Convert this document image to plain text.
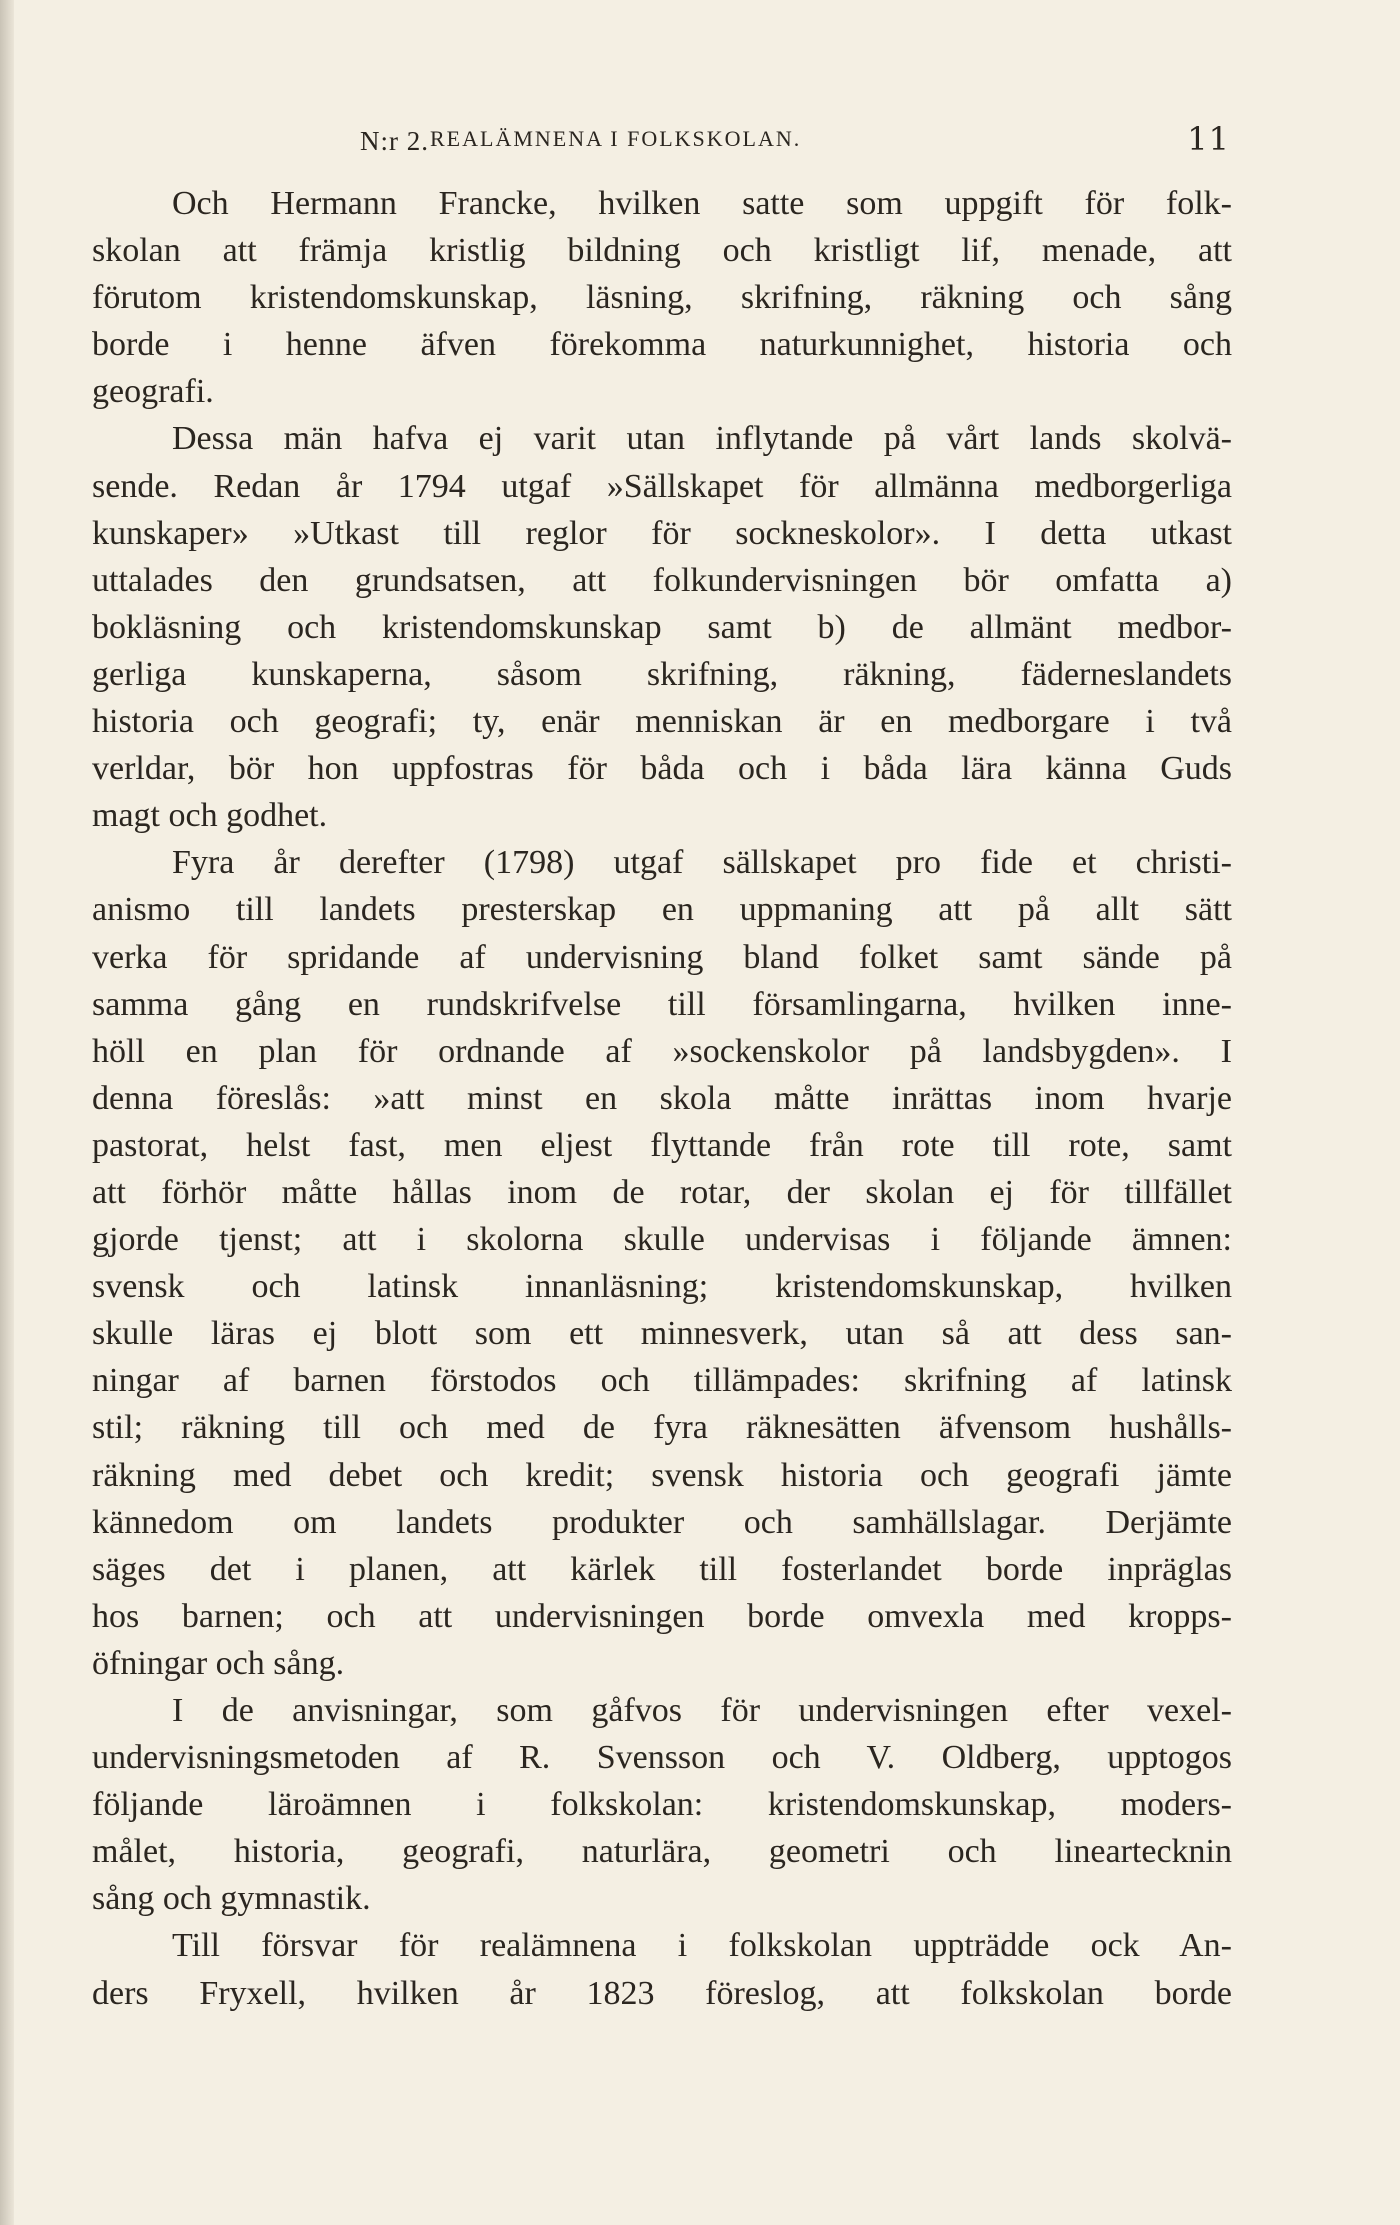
N:r 2. REALÄMNENA I FOLKSKOLAN.	11
Och Hermann Francke, hvilken satte som uppgift för folk-
skolan att främja kristlig bildning och kristligt lif, menade, att
förutom kristendomskunskap, läsning, skrifning, räkning och sång
borde i henne äfven förekomma naturkunnighet, historia och
geografi.
Dessa män hafva ej varit utan inflytande på vårt lands skolvä-
sende. Redan år 1794 utgaf »Sällskapet för allmänna medborgerliga
kunskaper» »Utkast till reglor för sockneskolor». I detta utkast
uttalades den grundsatsen, att folkundervisningen bör omfatta a)
bokläsning och kristendomskunskap samt b) de allmänt medbor-
gerliga kunskaperna, såsom skrifning, räkning, fäderneslandets
historia och geografi; ty, enär menniskan är en medborgare i två
verldar, bör hon uppfostras för båda och i båda lära känna Guds
magt och godhet.
Fyra år derefter (1798) utgaf sällskapet pro fide et christi-
anismo till landets presterskap en uppmaning att på allt sätt
verka för spridande af undervisning bland folket samt sände på
samma gång en rundskrifvelse till församlingarna, hvilken inne-
höll en plan för ordnande af »sockenskolor på landsbygden». I
denna föreslås: »att minst en skola måtte inrättas inom hvarje
pastorat, helst fast, men eljest flyttande från rote till rote, samt
att förhör måtte hållas inom de rotar, der skolan ej för tillfället
gjorde tjenst; att i skolorna skulle undervisas i följande ämnen:
svensk och latinsk innanläsning; kristendomskunskap, hvilken
skulle läras ej blott som ett minnesverk, utan så att dess san-
ningar af barnen förstodos och tillämpades: skrifning af latinsk
stil; räkning till och med de fyra räknesätten äfvensom hushålls-
räkning med debet och kredit; svensk historia och geografi jämte
kännedom om landets produkter och samhällslagar. Derjämte
säges det i planen, att kärlek till fosterlandet borde inpräglas
hos barnen; och att undervisningen borde omvexla med kropps-
öfningar och sång.
I de anvisningar, som gåfvos för undervisningen efter vexel-
undervisningsmetoden af R. Svensson och V. Oldberg, upptogos
följande läroämnen i folkskolan: kristendomskunskap, moders-
målet, historia, geografi, naturlära, geometri och lineartecknin
sång och gymnastik.
Till försvar för realämnena i folkskolan uppträdde ock An-
ders Fryxell, hvilken år 1823 föreslog, att folkskolan borde
